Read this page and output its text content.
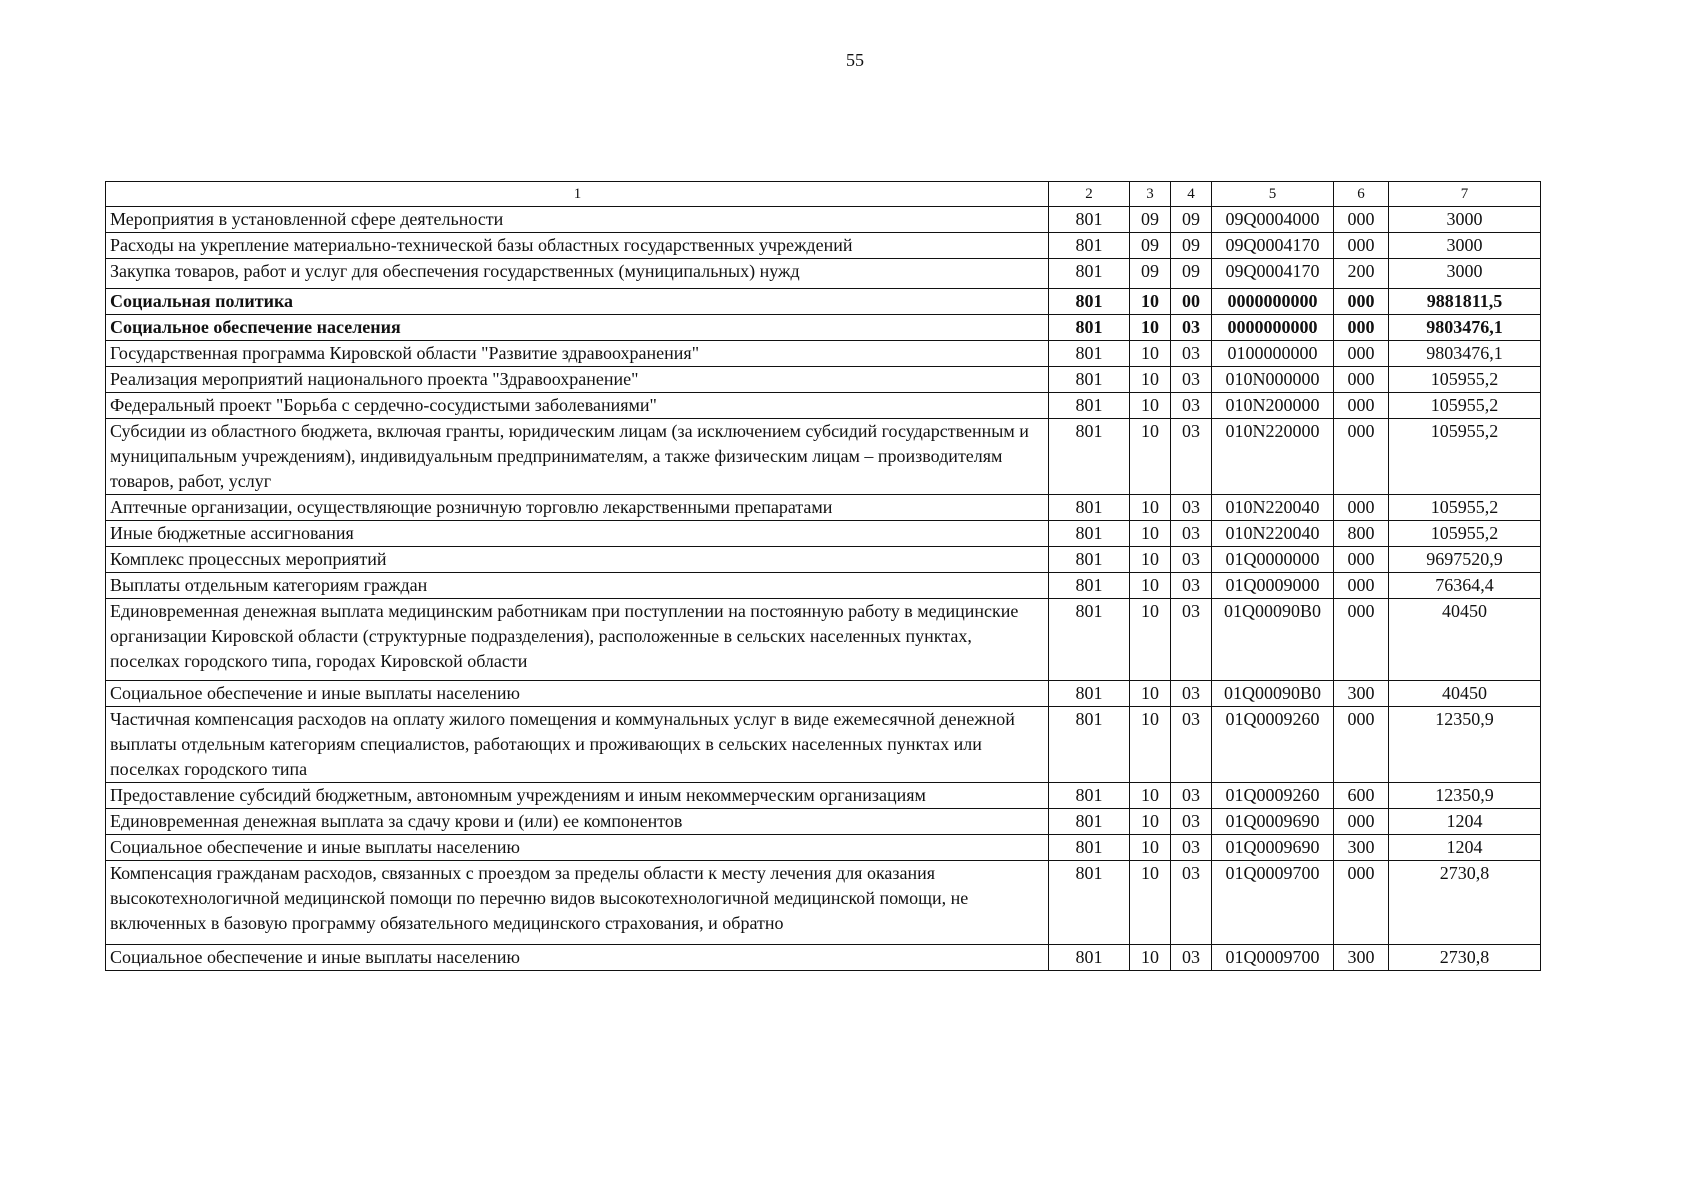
55
1	2	3	4	5	6	7
Мероприятия в установленной сфере деятельности	801	09	09	09Q0004000	000	3000
Расходы на укрепление материально-технической базы областных государственных учреждений	801	09	09	09Q0004170	000	3000
Закупка товаров, работ и услуг для обеспечения государственных (муниципальных) нужд	801	09	09	09Q0004170	200	3000
Социальная политика	801	10	00	0000000000	000	9881811,5
Социальное обеспечение населения	801	10	03	0000000000	000	9803476,1
Государственная программа Кировской области "Развитие здравоохранения"	801	10	03	0100000000	000	9803476,1
Реализация мероприятий национального проекта "Здравоохранение"	801	10	03	010N000000	000	105955,2
Федеральный проект "Борьба с сердечно-сосудистыми заболеваниями"	801	10	03	010N200000	000	105955,2
Субсидии из областного бюджета, включая гранты, юридическим лицам (за исключением субсидий государственным и муниципальным учреждениям), индивидуальным предпринимателям, а также физическим лицам – производителям товаров, работ, услуг	801	10	03	010N220000	000	105955,2
Аптечные организации, осуществляющие розничную торговлю лекарственными препаратами	801	10	03	010N220040	000	105955,2
Иные бюджетные ассигнования	801	10	03	010N220040	800	105955,2
Комплекс процессных мероприятий	801	10	03	01Q0000000	000	9697520,9
Выплаты отдельным категориям граждан	801	10	03	01Q0009000	000	76364,4
Единовременная денежная выплата медицинским работникам при поступлении на постоянную работу в медицинские организации Кировской области (структурные подразделения), расположенные в сельских населенных пунктах, поселках городского типа, городах Кировской области	801	10	03	01Q00090B0	000	40450
Социальное обеспечение и иные выплаты населению	801	10	03	01Q00090B0	300	40450
Частичная компенсация расходов на оплату жилого помещения и коммунальных услуг в виде ежемесячной денежной выплаты отдельным категориям специалистов, работающих и проживающих в сельских населенных пунктах или поселках городского типа	801	10	03	01Q0009260	000	12350,9
Предоставление субсидий бюджетным, автономным учреждениям и иным некоммерческим организациям	801	10	03	01Q0009260	600	12350,9
Единовременная денежная выплата за сдачу крови и (или) ее компонентов	801	10	03	01Q0009690	000	1204
Социальное обеспечение и иные выплаты населению	801	10	03	01Q0009690	300	1204
Компенсация гражданам расходов, связанных с проездом за пределы области к месту лечения для оказания высокотехнологичной медицинской помощи по перечню видов высокотехнологичной медицинской помощи, не включенных в базовую программу обязательного медицинского страхования, и обратно	801	10	03	01Q0009700	000	2730,8
Социальное обеспечение и иные выплаты населению	801	10	03	01Q0009700	300	2730,8
